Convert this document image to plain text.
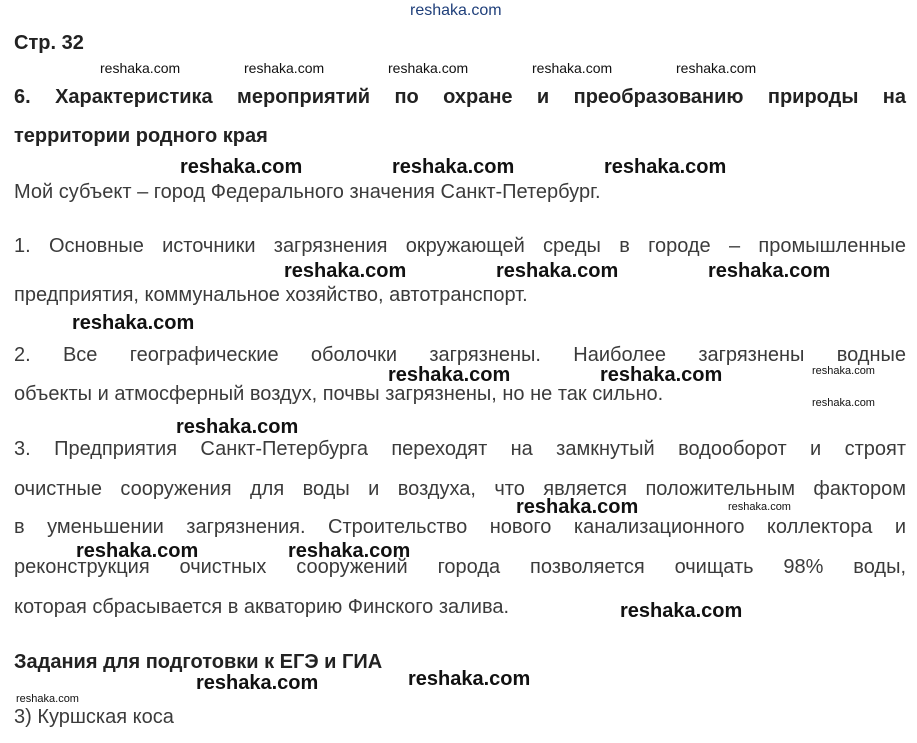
reshaka.com
Стр. 32
reshaka.com	reshaka.com	reshaka.com	reshaka.com	reshaka.com
6. Характеристика мероприятий по охране и преобразованию природы на
территории родного края
reshaka.com	reshaka.com	reshaka.com
Мой субъект – город Федерального значения Санкт-Петербург.
1. Основные источники загрязнения окружающей среды в городе – промышленные
reshaka.com	reshaka.com	reshaka.com
предприятия, коммунальное хозяйство, автотранспорт.
reshaka.com
2. Все географические оболочки загрязнены. Наиболее загрязнены водные
reshaka.com	reshaka.com	reshaka.com
объекты и атмосферный воздух, почвы загрязнены, но не так сильно.	reshaka.com
reshaka.com
3. Предприятия Санкт-Петербурга переходят на замкнутый водооборот и строят
очистные сооружения для воды и воздуха, что является положительным фактором
reshaka.com	reshaka.com
в уменьшении загрязнения. Строительство нового канализационного коллектора и
reshaka.com	reshaka.com
реконструкция очистных сооружений города позволяется очищать 98% воды,
которая сбрасывается в акваторию Финского залива.	reshaka.com
Задания для подготовки к ЕГЭ и ГИА
reshaka.com	reshaka.com
reshaka.com
3) Куршская коса
